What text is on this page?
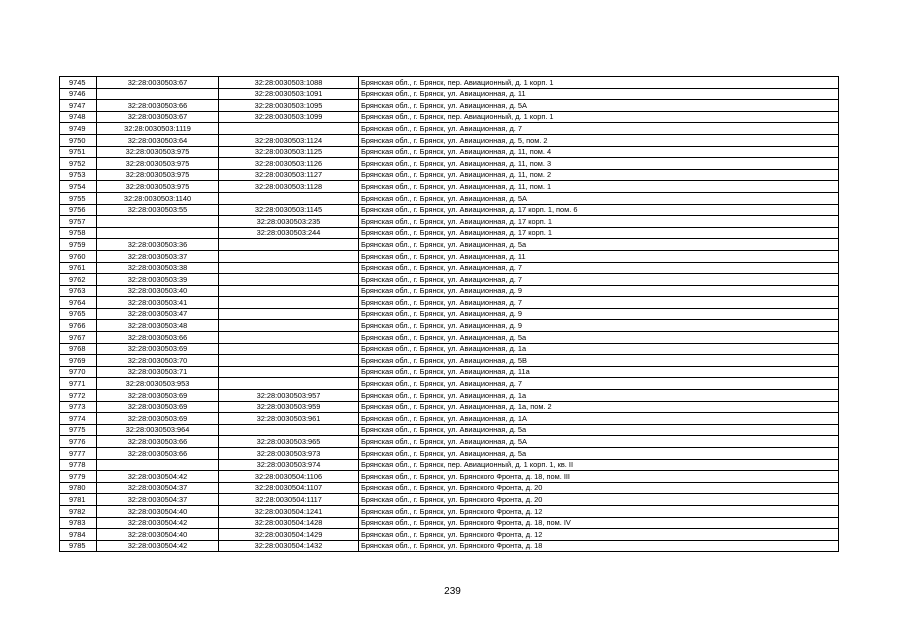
9745	32:28:0030503:67	32:28:0030503:1088	Брянская обл., г. Брянск, пер. Авиационный, д. 1 корп. 1
9746		32:28:0030503:1091	Брянская обл., г. Брянск, ул. Авиационная, д. 11
9747	32:28:0030503:66	32:28:0030503:1095	Брянская обл., г. Брянск, ул. Авиационная, д. 5А
9748	32:28:0030503:67	32:28:0030503:1099	Брянская обл., г. Брянск, пер. Авиационный, д. 1 корп. 1
9749	32:28:0030503:1119		Брянская обл., г. Брянск, ул. Авиационная, д. 7
9750	32:28:0030503:64	32:28:0030503:1124	Брянская обл., г. Брянск, ул. Авиационная, д. 5, пом. 2
9751	32:28:0030503:975	32:28:0030503:1125	Брянская обл., г. Брянск, ул. Авиационная, д. 11, пом. 4
9752	32:28:0030503:975	32:28:0030503:1126	Брянская обл., г. Брянск, ул. Авиационная, д. 11, пом. 3
9753	32:28:0030503:975	32:28:0030503:1127	Брянская обл., г. Брянск, ул. Авиационная, д. 11, пом. 2
9754	32:28:0030503:975	32:28:0030503:1128	Брянская обл., г. Брянск, ул. Авиационная, д. 11, пом. 1
9755	32:28:0030503:1140		Брянская обл., г. Брянск, ул. Авиационная, д. 5А
9756	32:28:0030503:55	32:28:0030503:1145	Брянская обл., г. Брянск, ул. Авиационная, д. 17 корп. 1, пом. 6
9757		32:28:0030503:235	Брянская обл., г. Брянск, ул. Авиационная, д. 17 корп. 1
9758		32:28:0030503:244	Брянская обл., г. Брянск, ул. Авиационная, д. 17 корп. 1
9759	32:28:0030503:36		Брянская обл., г. Брянск, ул. Авиационная, д. 5а
9760	32:28:0030503:37		Брянская обл., г. Брянск, ул. Авиационная, д. 11
9761	32:28:0030503:38		Брянская обл., г. Брянск, ул. Авиационная, д. 7
9762	32:28:0030503:39		Брянская обл., г. Брянск, ул. Авиационная, д. 7
9763	32:28:0030503:40		Брянская обл., г. Брянск, ул. Авиационная, д. 9
9764	32:28:0030503:41		Брянская обл., г. Брянск, ул. Авиационная, д. 7
9765	32:28:0030503:47		Брянская обл., г. Брянск, ул. Авиационная, д. 9
9766	32:28:0030503:48		Брянская обл., г. Брянск, ул. Авиационная, д. 9
9767	32:28:0030503:66		Брянская обл., г. Брянск, ул. Авиационная, д. 5а
9768	32:28:0030503:69		Брянская обл., г. Брянск, ул. Авиационная, д. 1а
9769	32:28:0030503:70		Брянская обл., г. Брянск, ул. Авиационная, д. 5В
9770	32:28:0030503:71		Брянская обл., г. Брянск, ул. Авиационная, д. 11а
9771	32:28:0030503:953		Брянская обл., г. Брянск, ул. Авиационная, д. 7
9772	32:28:0030503:69	32:28:0030503:957	Брянская обл., г. Брянск, ул. Авиационная, д. 1а
9773	32:28:0030503:69	32:28:0030503:959	Брянская обл., г. Брянск, ул. Авиационная, д. 1а, пом. 2
9774	32:28:0030503:69	32:28:0030503:961	Брянская обл., г. Брянск, ул. Авиационная, д. 1А
9775	32:28:0030503:964		Брянская обл., г. Брянск, ул. Авиационная, д. 5а
9776	32:28:0030503:66	32:28:0030503:965	Брянская обл., г. Брянск, ул. Авиационная, д. 5А
9777	32:28:0030503:66	32:28:0030503:973	Брянская обл., г. Брянск, ул. Авиационная, д. 5а
9778		32:28:0030503:974	Брянская обл., г. Брянск, пер. Авиационный, д. 1 корп. 1, кв. II
9779	32:28:0030504:42	32:28:0030504:1106	Брянская обл., г. Брянск, ул. Брянского Фронта, д. 18, пом. III
9780	32:28:0030504:37	32:28:0030504:1107	Брянская обл., г. Брянск, ул. Брянского Фронта, д. 20
9781	32:28:0030504:37	32:28:0030504:1117	Брянская обл., г. Брянск, ул. Брянского Фронта, д. 20
9782	32:28:0030504:40	32:28:0030504:1241	Брянская обл., г. Брянск, ул. Брянского Фронта, д. 12
9783	32:28:0030504:42	32:28:0030504:1428	Брянская обл., г. Брянск, ул. Брянского Фронта, д. 18, пом. IV
9784	32:28:0030504:40	32:28:0030504:1429	Брянская обл., г. Брянск, ул. Брянского Фронта, д. 12
9785	32:28:0030504:42	32:28:0030504:1432	Брянская обл., г. Брянск, ул. Брянского Фронта, д. 18
239
